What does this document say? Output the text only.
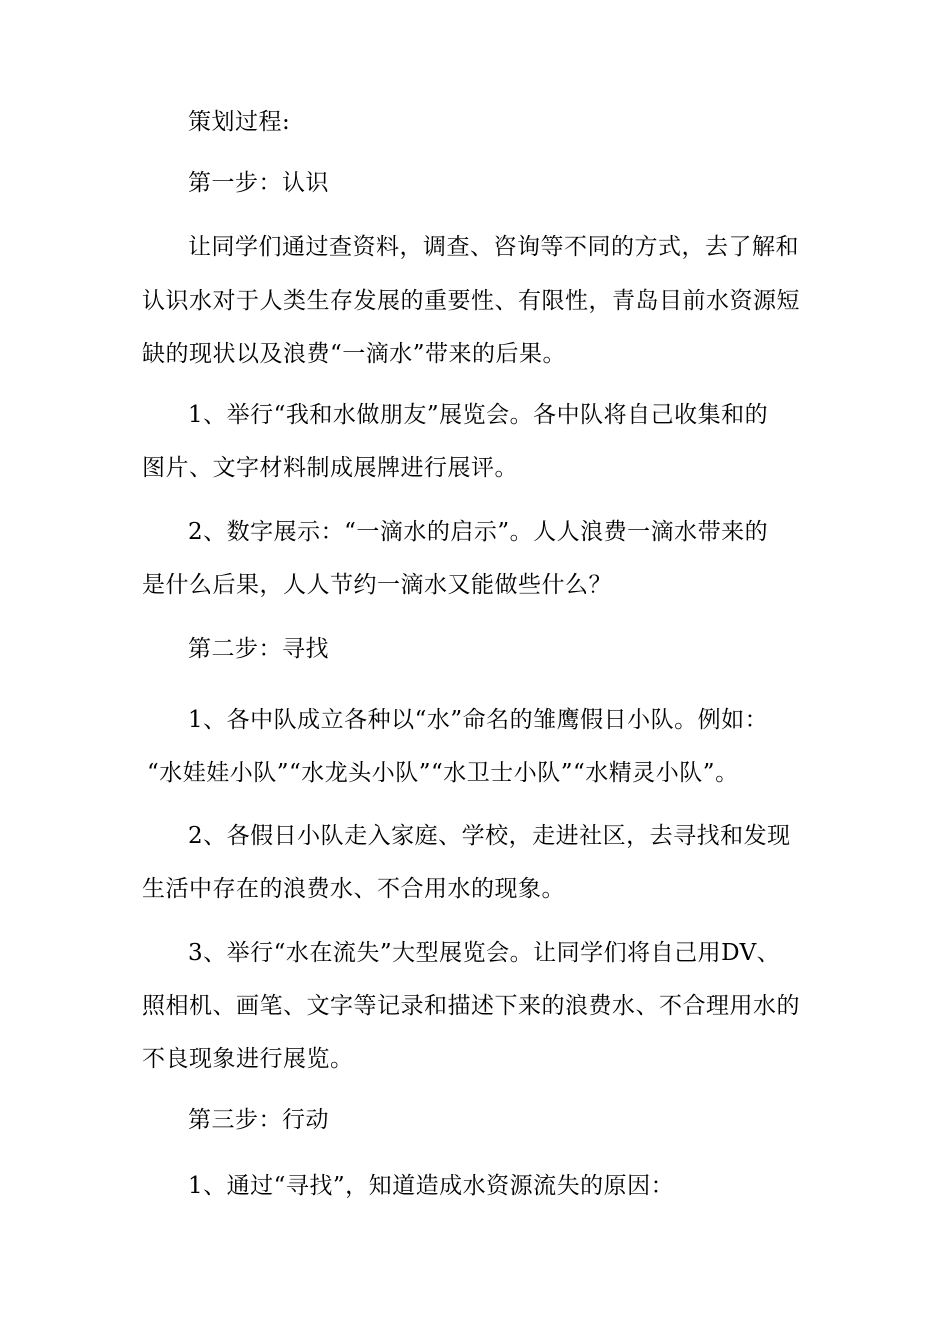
策划过程:
第一步：认识
让同学们通过查资料，调查、咨询等不同的方式，去了解和
认识水对于人类生存发展的重要性、有限性，青岛目前水资源短
缺的现状以及浪费“一滴水”带来的后果。
1、举行“我和水做朋友”展览会。各中队将自己收集和的
图片、文字材料制成展牌进行展评。
2、数字展示：“一滴水的启示”。人人浪费一滴水带来的
是什么后果，人人节约一滴水又能做些什么？
第二步：寻找
1、各中队成立各种以“水”命名的雏鹰假日小队。例如：
“水娃娃小队”“水龙头小队”“水卫士小队”“水精灵小队”。
2、各假日小队走入家庭、学校，走进社区，去寻找和发现
生活中存在的浪费水、不合用水的现象。
3、举行“水在流失”大型展览会。让同学们将自己用DV、
照相机、画笔、文字等记录和描述下来的浪费水、不合理用水的
不良现象进行展览。
第三步：行动
1、通过“寻找”，知道造成水资源流失的原因：
